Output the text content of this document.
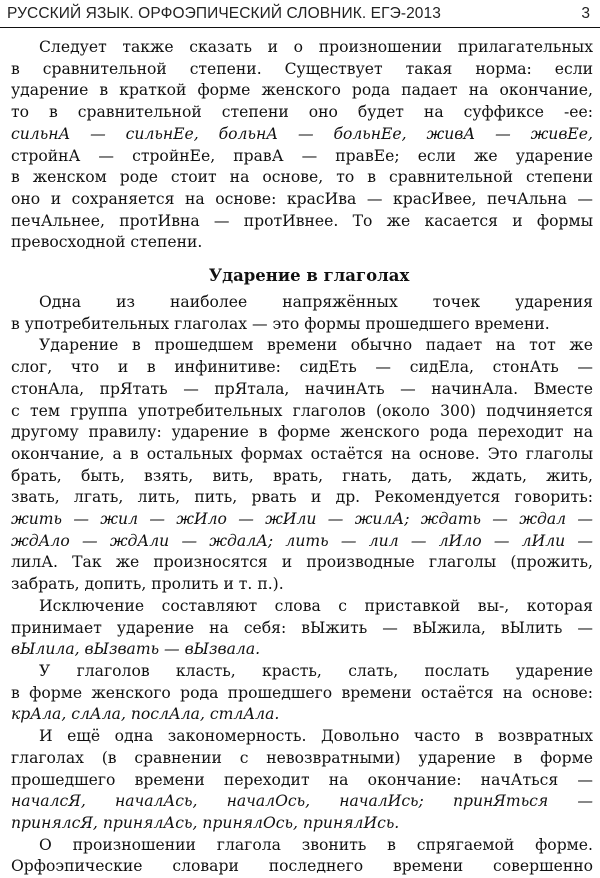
РУССКИЙ ЯЗЫК. ОРФОЭПИЧЕСКИЙ СЛОВНИК. ЕГЭ-2013	3

Следует также сказать и о произношении прилагательных
в сравнительной степени. Существует такая норма: если
ударение в краткой форме женского рода падает на окончание,
то в сравнительной степени оно будет на суффиксе -ее:
сильнА — сильнЕе, больнА — больнЕе, живА — живЕе,
стройнА — стройнЕе, правА — правЕе; если же ударение
в женском роде стоит на основе, то в сравнительной степени
оно и сохраняется на основе: красИва — красИвее, печАльна —
печАльнее, протИвна — протИвнее. То же касается и формы
превосходной степени.

Ударение в глаголах

Одна из наиболее напряжённых точек ударения
в употребительных глаголах — это формы прошедшего времени.

Ударение в прошедшем времени обычно падает на тот же
слог, что и в инфинитиве: сидЕть — сидЕла, стонАть —
стонАла, прЯтать — прЯтала, начинАть — начинАла. Вместе
с тем группа употребительных глаголов (около 300) подчиняется
другому правилу: ударение в форме женского рода переходит на
окончание, а в остальных формах остаётся на основе. Это глаголы
брать, быть, взять, вить, врать, гнать, дать, ждать, жить,
звать, лгать, лить, пить, рвать и др. Рекомендуется говорить:
жить — жил — жИло — жИли — жилА; ждать — ждал —
ждАло — ждАли — ждалА; лить — лил — лИло — лИли —
лилА. Так же произносятся и производные глаголы (прожить,
забрать, допить, пролить и т. п.).

Исключение составляют слова с приставкой вы-, которая
принимает ударение на себя: вЫжить — вЫжила, вЫлить —
вЫлила, вЫзвать — вЫзвала.

У глаголов класть, красть, слать, послать ударение
в форме женского рода прошедшего времени остаётся на основе:
крАла, слАла, послАла, стлАла.

И ещё одна закономерность. Довольно часто в возвратных
глаголах (в сравнении с невозвратными) ударение в форме
прошедшего времени переходит на окончание: начАться —
началсЯ, началАсь, началОсь, началИсь; принЯться —
принялсЯ, принялАсь, принялОсь, принялИсь.

О произношении глагола звонить в спрягаемой форме.
Орфоэпические словари последнего времени совершенно
